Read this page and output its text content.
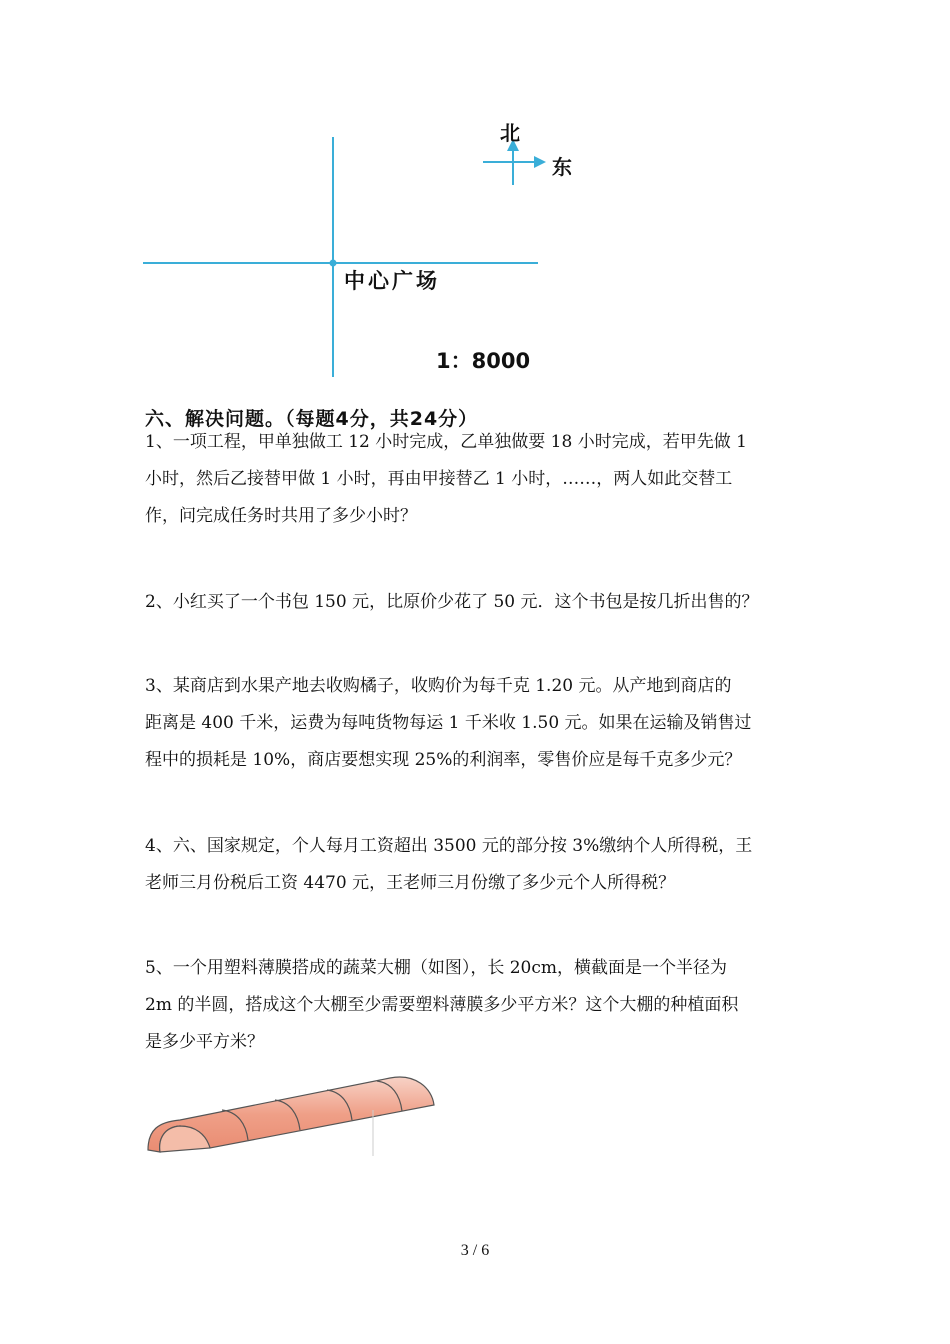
北
东
中心广场
1：8000
六、解决问题。（每题4分，共24分）
1、一项工程，甲单独做工 12 小时完成，乙单独做要 18 小时完成，若甲先做 1
小时，然后乙接替甲做 1 小时，再由甲接替乙 1 小时，……，两人如此交替工
作，问完成任务时共用了多少小时？
2、小红买了一个书包 150 元，比原价少花了 50 元．这个书包是按几折出售的？
3、某商店到水果产地去收购橘子，收购价为每千克 1.20 元。从产地到商店的
距离是 400 千米，运费为每吨货物每运 1 千米收 1.50 元。如果在运输及销售过
程中的损耗是 10%，商店要想实现 25%的利润率，零售价应是每千克多少元？
4、六、国家规定，个人每月工资超出 3500 元的部分按 3%缴纳个人所得税，王
老师三月份税后工资 4470 元，王老师三月份缴了多少元个人所得税？
5、一个用塑料薄膜搭成的蔬菜大棚（如图），长 20cm，横截面是一个半径为
2m 的半圆，搭成这个大棚至少需要塑料薄膜多少平方米？这个大棚的种植面积
是多少平方米？
3 / 6
